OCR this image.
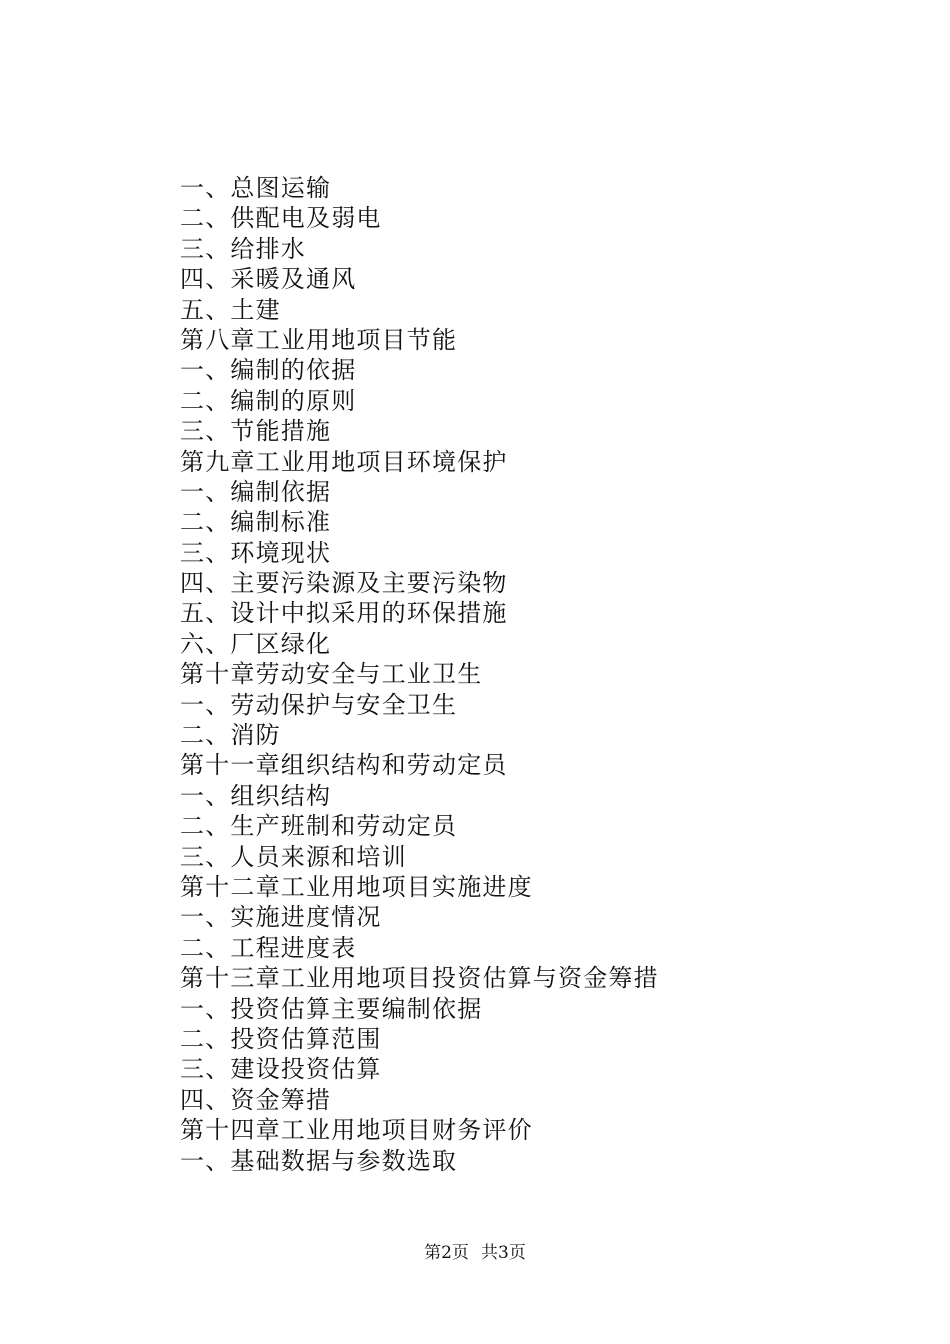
一、总图运输
二、供配电及弱电
三、给排水
四、采暖及通风
五、土建
第八章工业用地项目节能
一、编制的依据
二、编制的原则
三、节能措施
第九章工业用地项目环境保护
一、编制依据
二、编制标准
三、环境现状
四、主要污染源及主要污染物
五、设计中拟采用的环保措施
六、厂区绿化
第十章劳动安全与工业卫生
一、劳动保护与安全卫生
二、消防
第十一章组织结构和劳动定员
一、组织结构
二、生产班制和劳动定员
三、人员来源和培训
第十二章工业用地项目实施进度
一、实施进度情况
二、工程进度表
第十三章工业用地项目投资估算与资金筹措
一、投资估算主要编制依据
二、投资估算范围
三、建设投资估算
四、资金筹措
第十四章工业用地项目财务评价
一、基础数据与参数选取
第2页 共3页
